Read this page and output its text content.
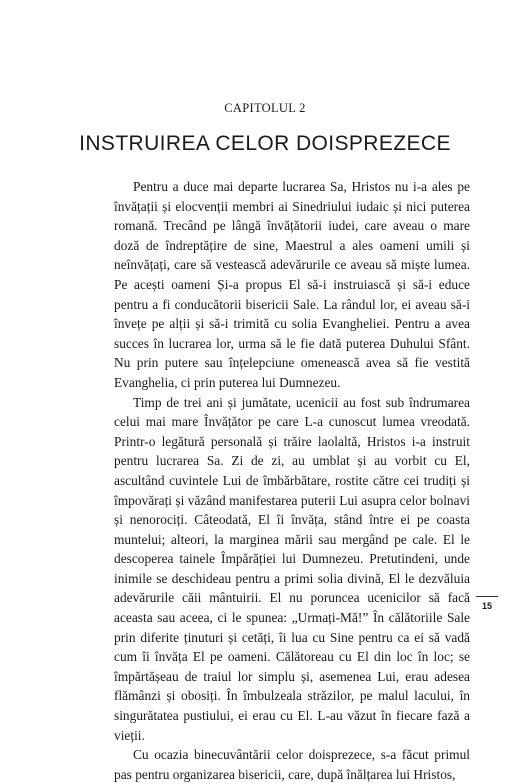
CAPITOLUL 2
INSTRUIREA CELOR DOISPREZECE

Pentru a duce mai departe lucrarea Sa, Hristos nu i-a ales pe învățații și elocvenții membri ai Sinedriului iudaic și nici puterea romană. Trecând pe lângă învățătorii iudei, care aveau o mare doză de îndreptățire de sine, Maestrul a ales oameni umili și neînvățați, care să vestească adevărurile ce aveau să miște lumea. Pe acești oameni Și-a propus El să-i instruiască și să-i educe pentru a fi conducătorii bisericii Sale. La rândul lor, ei aveau să-i învețe pe alții și să-i trimită cu solia Evangheliei. Pentru a avea succes în lucrarea lor, urma să le fie dată puterea Duhului Sfânt. Nu prin putere sau înțelepciune omenească avea să fie vestită Evanghelia, ci prin puterea lui Dumnezeu.

Timp de trei ani și jumătate, ucenicii au fost sub îndrumarea celui mai mare Învățător pe care L-a cunoscut lumea vreodată. Printr-o legătură personală și trăire laolaltă, Hristos i-a instruit pentru lucrarea Sa. Zi de zi, au umblat și au vorbit cu El, ascultând cuvintele Lui de îmbărbătare, rostite către cei trudiți și împovărați și văzând manifestarea puterii Lui asupra celor bolnavi și nenorociți. Câteodată, El îi învăța, stând între ei pe coasta muntelui; alteori, la marginea mării sau mergând pe cale. El le descoperea tainele Împărăției lui Dumnezeu. Pretutindeni, unde inimile se deschideau pentru a primi solia divină, El le dezvăluia adevărurile căii mântuirii. El nu poruncea ucenicilor să facă aceasta sau aceea, ci le spunea: „Urmați-Mă!” În călătoriile Sale prin diferite ținuturi și cetăți, îi lua cu Sine pentru ca ei să vadă cum îi învăța El pe oameni. Călătoreau cu El din loc în loc; se împărtășeau de traiul lor simplu și, asemenea Lui, erau adesea flămânzi și obosiți. În îmbulzeala străzilor, pe malul lacului, în singurătatea pustiului, ei erau cu El. L-au văzut în fiecare fază a vieții.

Cu ocazia binecuvântării celor doisprezece, s-a făcut primul pas pentru organizarea bisericii, care, după înălțarea lui Hristos,

15
